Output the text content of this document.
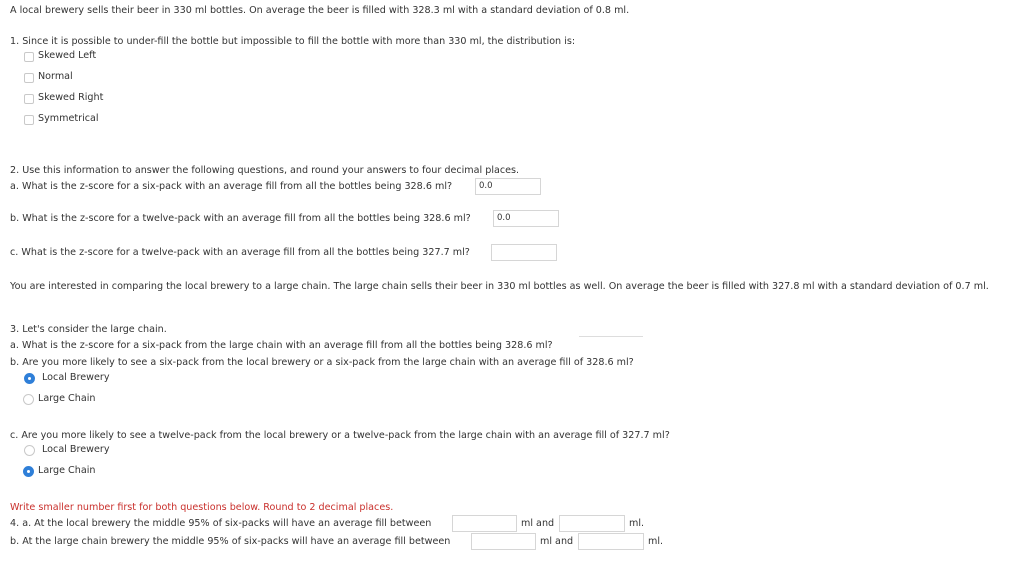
A local brewery sells their beer in 330 ml bottles. On average the beer is filled with 328.3 ml with a standard deviation of 0.8 ml.
1. Since it is possible to under-fill the bottle but impossible to fill the bottle with more than 330 ml, the distribution is:
Skewed Left
Normal
Skewed Right
Symmetrical
2. Use this information to answer the following questions, and round your answers to four decimal places.
a. What is the z-score for a six-pack with an average fill from all the bottles being 328.6 ml?	0.0
b. What is the z-score for a twelve-pack with an average fill from all the bottles being 328.6 ml?	0.0
c. What is the z-score for a twelve-pack with an average fill from all the bottles being 327.7 ml?
You are interested in comparing the local brewery to a large chain. The large chain sells their beer in 330 ml bottles as well. On average the beer is filled with 327.8 ml with a standard deviation of 0.7 ml.
3. Let's consider the large chain.
a. What is the z-score for a six-pack from the large chain with an average fill from all the bottles being 328.6 ml?
b. Are you more likely to see a six-pack from the local brewery or a six-pack from the large chain with an average fill of 328.6 ml?
Local Brewery
Large Chain
c. Are you more likely to see a twelve-pack from the local brewery or a twelve-pack from the large chain with an average fill of 327.7 ml?
Local Brewery
Large Chain
Write smaller number first for both questions below. Round to 2 decimal places.
4. a. At the local brewery the middle 95% of six-packs will have an average fill between	ml and	ml.
b. At the large chain brewery the middle 95% of six-packs will have an average fill between	ml and	ml.
